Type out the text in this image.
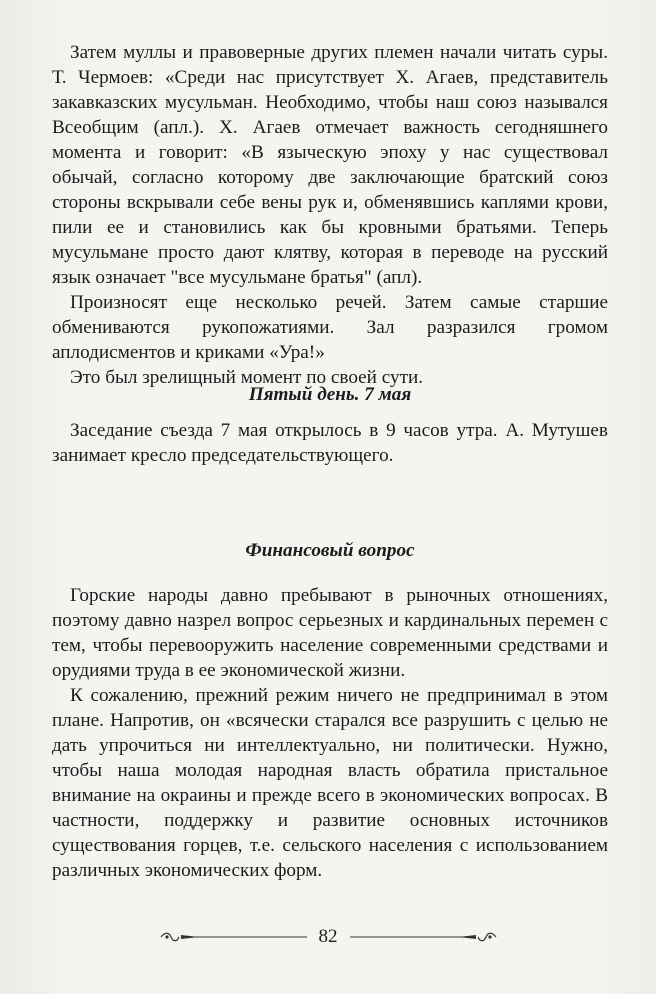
Затем муллы и правоверные других племен начали читать суры. Т. Чермоев: «Среди нас присутствует Х. Агаев, представитель закавказских мусульман. Необходимо, чтобы наш союз назывался Всеобщим (апл.). Х. Агаев отмечает важность сегодняшнего момента и говорит: «В языческую эпоху у нас существовал обычай, согласно которому две заключающие братский союз стороны вскрывали себе вены рук и, обменявшись каплями крови, пили ее и становились как бы кровными братьями. Теперь мусульмане просто дают клятву, которая в переводе на русский язык означает "все мусульмане братья" (апл).

Произносят еще несколько речей. Затем самые старшие обмениваются рукопожатиями. Зал разразился громом аплодисментов и криками «Ура!»

Это был зрелищный момент по своей сути.

Пятый день. 7 мая

Заседание съезда 7 мая открылось в 9 часов утра. А. Мутушев занимает кресло председательствующего.

Финансовый вопрос

Горские народы давно пребывают в рыночных отношениях, поэтому давно назрел вопрос серьезных и кардинальных перемен с тем, чтобы перевооружить население современными средствами и орудиями труда в ее экономической жизни.

К сожалению, прежний режим ничего не предпринимал в этом плане. Напротив, он «всячески старался все разрушить с целью не дать упрочиться ни интеллектуально, ни политически. Нужно, чтобы наша молодая народная власть обратила пристальное внимание на окраины и прежде всего в экономических вопросах. В частности, поддержку и развитие основных источников существования горцев, т.е. сельского населения с использованием различных экономических форм.

82
